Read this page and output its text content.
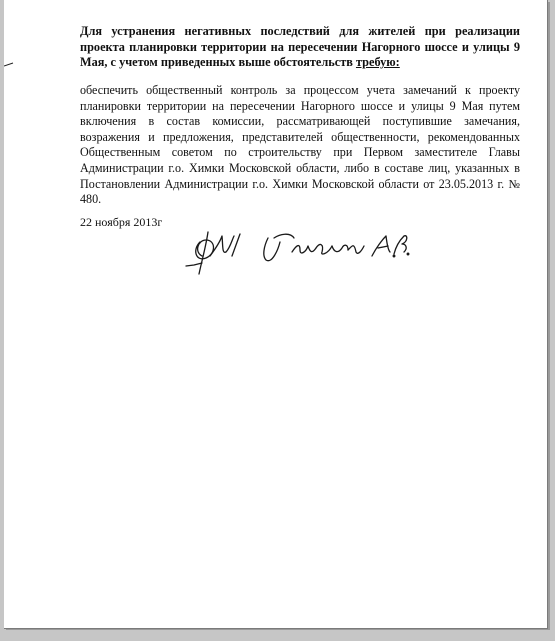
Для устранения негативных последствий для жителей при реализации проекта планировки территории на пересечении Нагорного шоссе и улицы 9 Мая, с учетом приведенных выше обстоятельств требую:
обеспечить общественный контроль за процессом учета замечаний к проекту планировки территории на пересечении Нагорного шоссе и улицы 9 Мая путем включения в состав комиссии, рассматривающей поступившие замечания, возражения и предложения, представителей общественности, рекомендованных Общественным советом по строительству при Первом заместителе Главы Администрации г.о. Химки Московской области, либо в составе лиц, указанных в Постановлении Администрации г.о. Химки Московской области от 23.05.2013 г. № 480.
22 ноября 2013г
